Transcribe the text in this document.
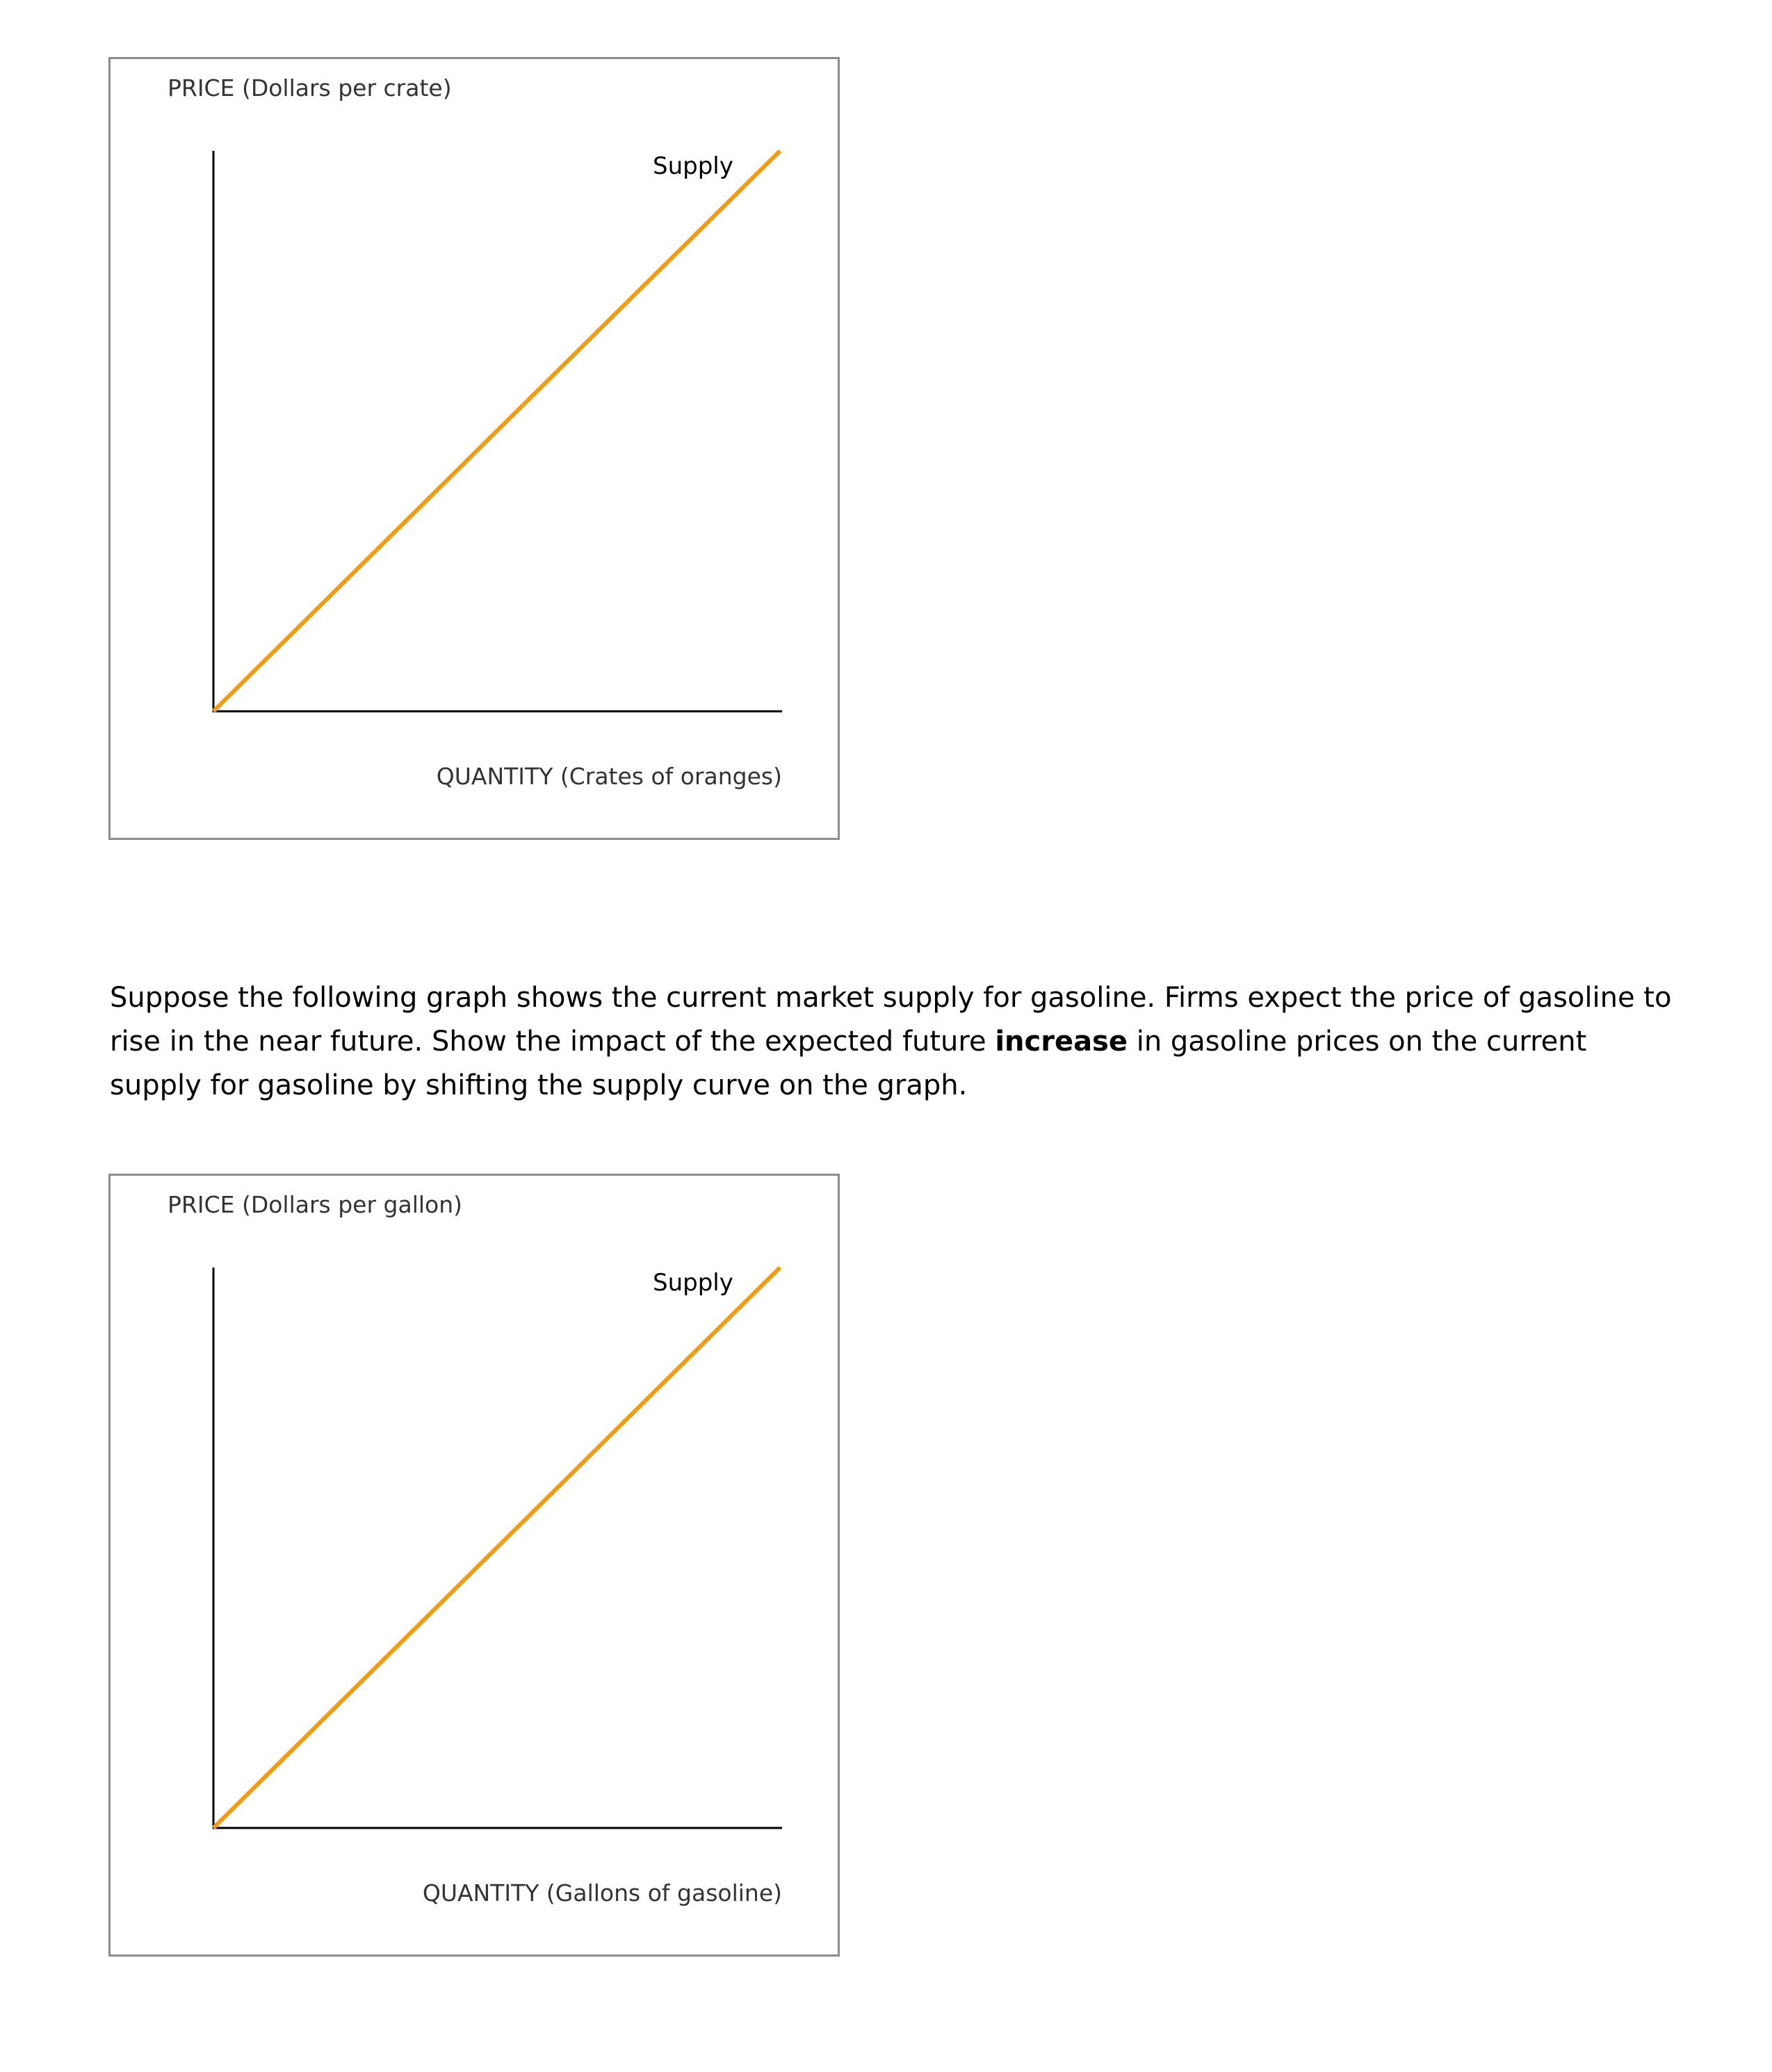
PRICE (Dollars per crate)
Supply
QUANTITY (Crates of oranges)

Suppose the following graph shows the current market supply for gasoline. Firms expect the price of gasoline to rise in the near future. Show the impact of the expected future increase in gasoline prices on the current supply for gasoline by shifting the supply curve on the graph.

PRICE (Dollars per gallon)
Supply
QUANTITY (Gallons of gasoline)
